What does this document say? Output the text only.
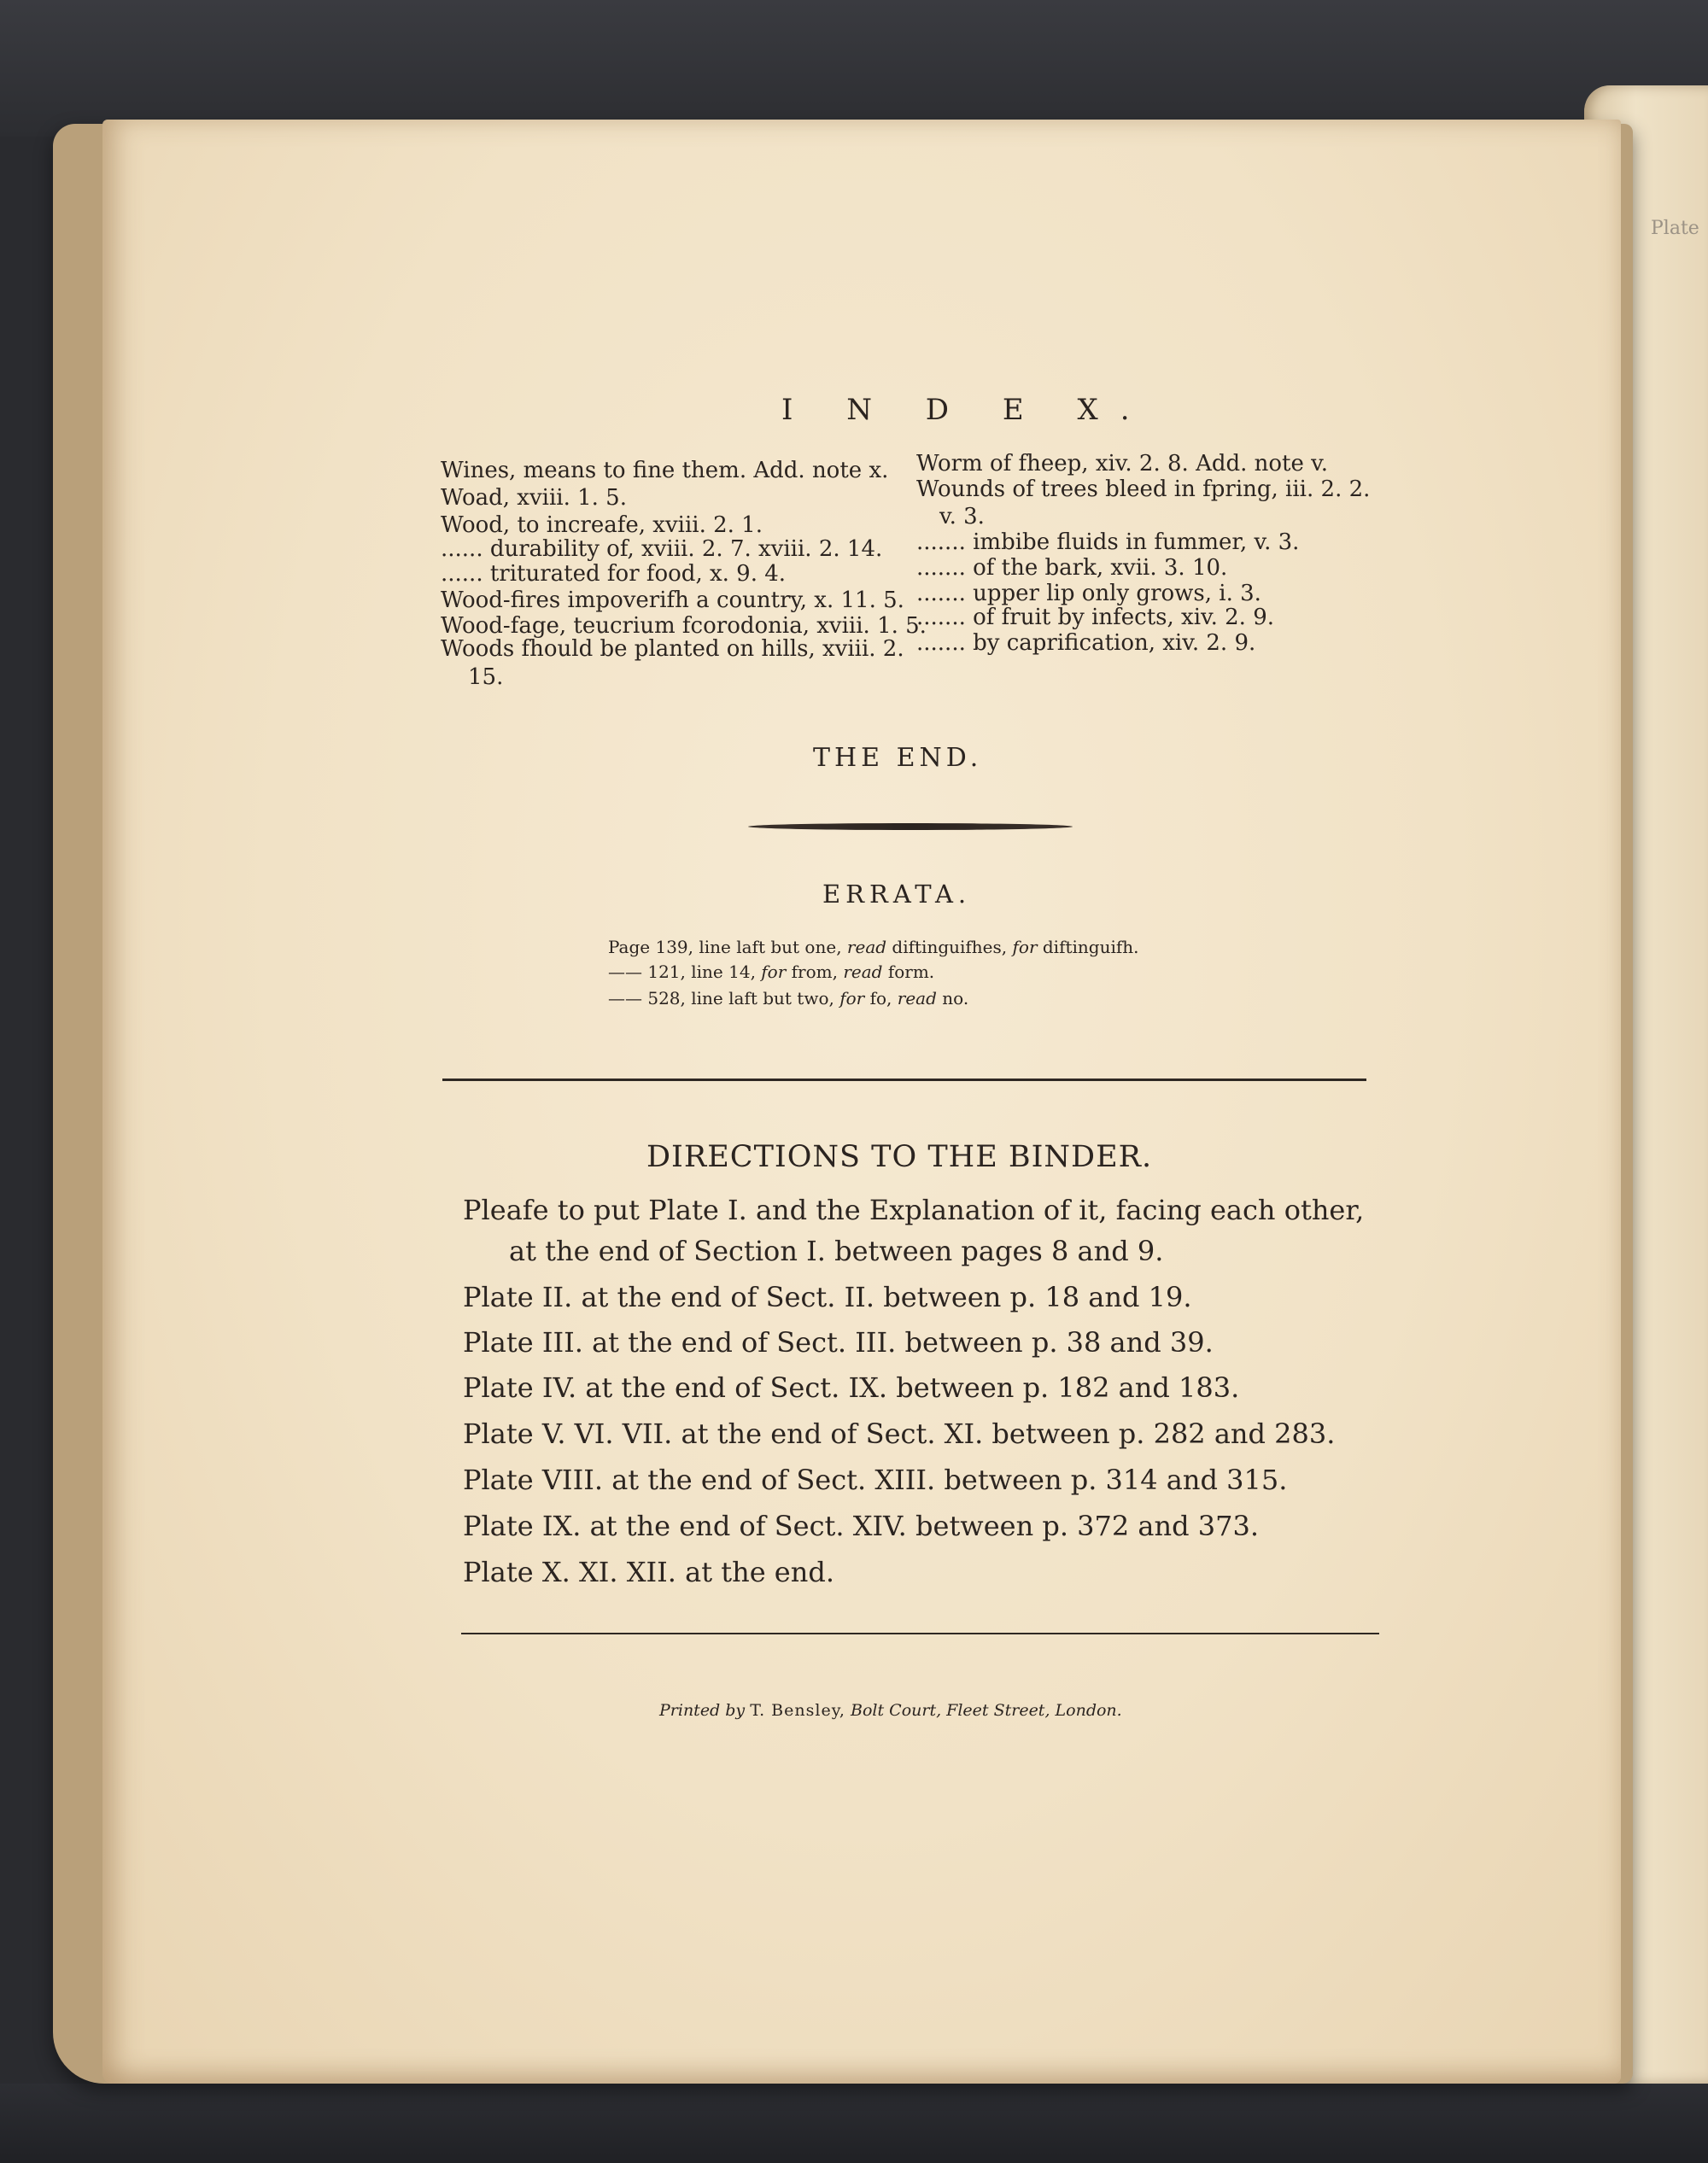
Plate
I N D E X.
Wines, means to fine them. Add. note x.
Woad, xviii. 1. 5.
Wood, to increafe, xviii. 2. 1.
...... durability of, xviii. 2. 7. xviii. 2. 14.
...... triturated for food, x. 9. 4.
Wood-fires impoverifh a country, x. 11. 5.
Wood-fage, teucrium fcorodonia, xviii. 1. 5.
Woods fhould be planted on hills, xviii. 2.
15.
Worm of fheep, xiv. 2. 8. Add. note v.
Wounds of trees bleed in fpring, iii. 2. 2.
v. 3.
....... imbibe fluids in fummer, v. 3.
....... of the bark, xvii. 3. 10.
....... upper lip only grows, i. 3.
....... of fruit by infects, xiv. 2. 9.
....... by caprification, xiv. 2. 9.
THE END.
ERRATA.
Page 139, line laft but one, read diftinguifhes, for diftinguifh.
—— 121, line 14, for from, read form.
—— 528, line laft but two, for fo, read no.
DIRECTIONS TO THE BINDER.
Pleafe to put Plate I. and the Explanation of it, facing each other,
at the end of Section I. between pages 8 and 9.
Plate II. at the end of Sect. II. between p. 18 and 19.
Plate III. at the end of Sect. III. between p. 38 and 39.
Plate IV. at the end of Sect. IX. between p. 182 and 183.
Plate V. VI. VII. at the end of Sect. XI. between p. 282 and 283.
Plate VIII. at the end of Sect. XIII. between p. 314 and 315.
Plate IX. at the end of Sect. XIV. between p. 372 and 373.
Plate X. XI. XII. at the end.
Printed by T. Bensley, Bolt Court, Fleet Street, London.
